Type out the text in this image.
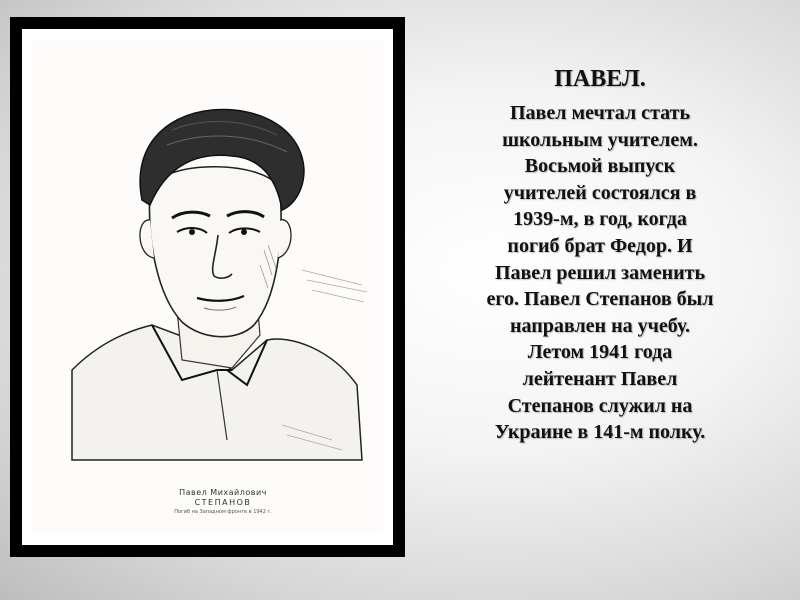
Павел Михайлович
СТЕПАНОВ
Погиб на Западном фронте в 1942 г.
ПАВЕЛ.
Павел мечтал стать
школьным учителем.
Восьмой выпуск
учителей состоялся в
1939-м, в год, когда
погиб брат Федор. И
Павел решил заменить
его. Павел Степанов был
направлен на учебу.
Летом 1941 года
лейтенант Павел
Степанов служил на
Украине в 141-м полку.
